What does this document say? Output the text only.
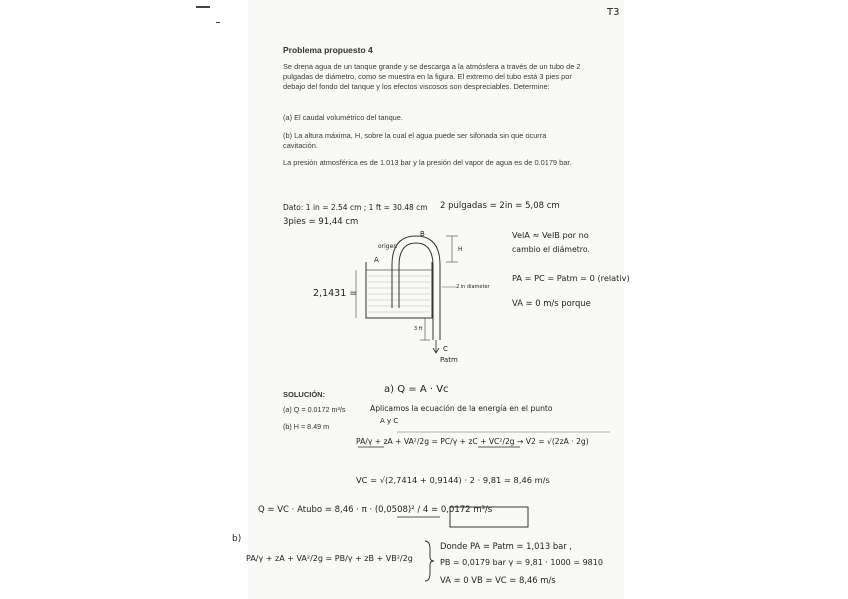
T3
Problema propuesto 4
Se drena agua de un tanque grande y se descarga a la atmósfera a través de un tubo de 2 pulgadas de diámetro, como se muestra en la figura. El extremo del tubo está 3 pies por debajo del fondo del tanque y los efectos viscosos son despreciables. Determine:
(a) El caudal volumétrico del tanque.
(b) La altura máxima, H, sobre la cual el agua puede ser sifonada sin que ocurra cavitación.
La presión atmosférica es de 1.013 bar y la presión del vapor de agua es de 0.0179 bar.
Dato: 1 in = 2.54 cm ; 1 ft = 30.48 cm 2 pulgadas = 2in = 5,08 cm
3pies = 91,44 cm
VelA ≈ VelB por no
cambio el diámetro.
PA = PC = Patm = 0 (relativ)
VA = 0 m/s porque
A
B
C
H
3 ft
2 in diameter
origen
2,1431 =
Patm
SOLUCIÓN:
(a) Q = 0.0172 m³/s
(b) H = 8.49 m
a) Q = A · Vc
Aplicamos la ecuación de la energía en el punto
A y C
PA/γ + zA + VA²/2g = PC/γ + zC + VC²/2g → V2 = √(2zA · 2g)
VC = √(2,7414 + 0,9144) · 2 · 9,81 = 8,46 m/s
Q = VC · Atubo = 8,46 · π · (0,0508)² / 4 = 0,0172 m³/s
b)
PA/γ + zA + VA²/2g = PB/γ + zB + VB²/2g
Donde PA = Patm = 1,013 bar ,
PB = 0,0179 bar γ = 9,81 · 1000 = 9810
VA = 0 VB = VC = 8,46 m/s
